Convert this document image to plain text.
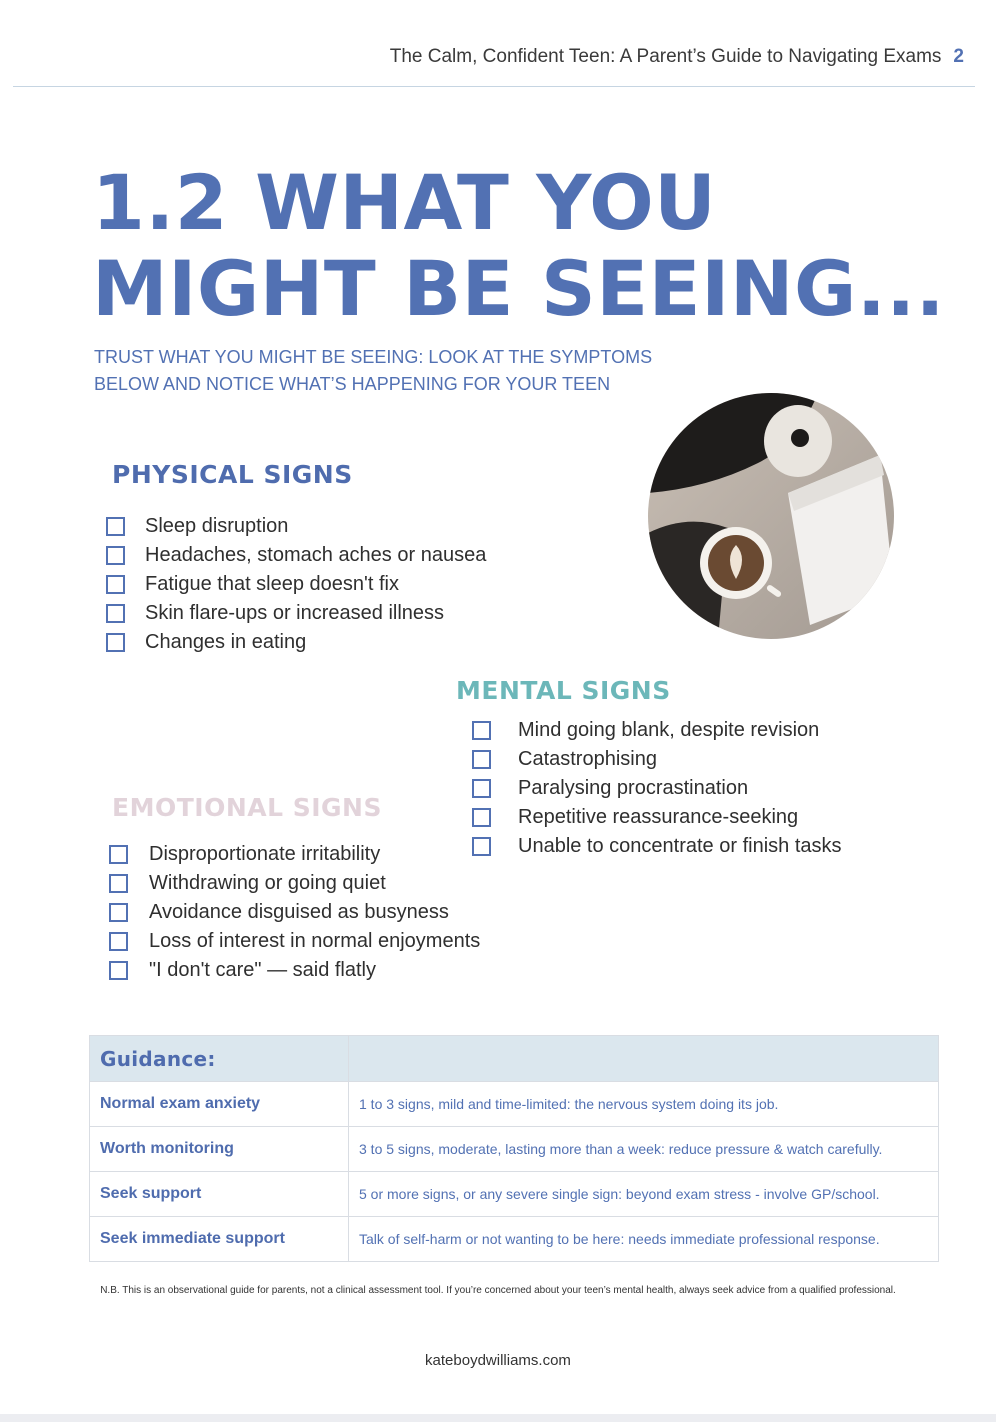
The Calm, Confident Teen: A Parent’s Guide to Navigating Exams 2
1.2 WHAT YOU
MIGHT BE SEEING...

TRUST WHAT YOU MIGHT BE SEEING: LOOK AT THE SYMPTOMS
BELOW AND NOTICE WHAT’S HAPPENING FOR YOUR TEEN

PHYSICAL SIGNS
Sleep disruption
Headaches, stomach aches or nausea
Fatigue that sleep doesn't fix
Skin flare-ups or increased illness
Changes in eating
MENTAL SIGNS
Mind going blank, despite revision
Catastrophising
Paralysing procrastination
Repetitive reassurance-seeking
Unable to concentrate or finish tasks
EMOTIONAL SIGNS
Disproportionate irritability
Withdrawing or going quiet
Avoidance disguised as busyness
Loss of interest in normal enjoyments
"I don't care" — said flatly
Guidance:	
Normal exam anxiety	1 to 3 signs, mild and time-limited: the nervous system doing its job.
Worth monitoring	3 to 5 signs, moderate, lasting more than a week: reduce pressure & watch carefully.
Seek support	5 or more signs, or any severe single sign: beyond exam stress - involve GP/school.
Seek immediate support	Talk of self-harm or not wanting to be here: needs immediate professional response.

N.B. This is an observational guide for parents, not a clinical assessment tool. If you’re concerned about your teen’s mental health, always seek advice from a qualified professional.

kateboydwilliams.com
